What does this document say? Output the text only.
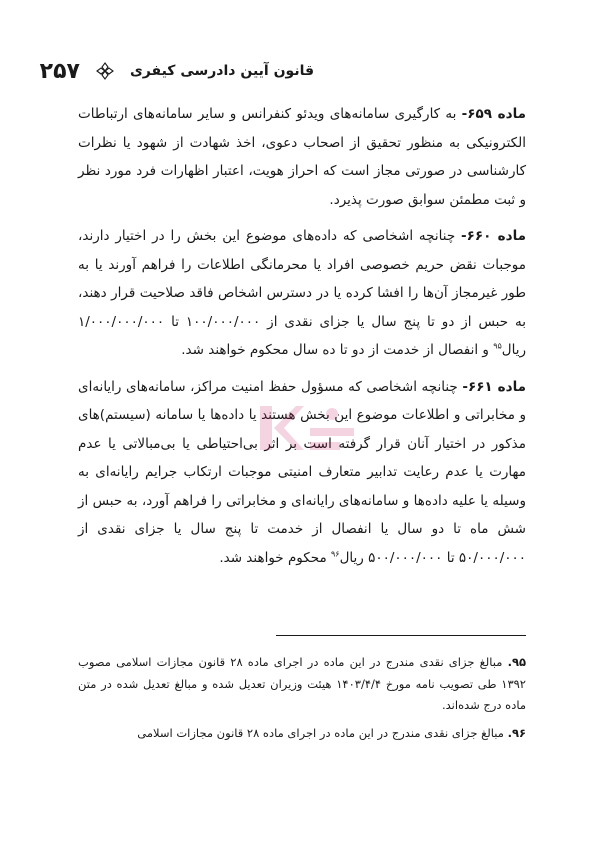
قانون آیین دادرسی کیفری
۲۵۷

ماده ۶۵۹- به کارگیری سامانه‌های ویدئو کنفرانس و سایر سامانه‌های ارتباطات الکترونیکی به منظور تحقیق از اصحاب دعوی، اخذ شهادت از شهود یا نظرات کارشناسی در صورتی مجاز است که احراز هویت، اعتبار اظهارات فرد مورد نظر و ثبت مطمئن سوابق صورت پذیرد.

ماده ۶۶۰- چنانچه اشخاصی که داده‌های موضوع این بخش را در اختیار دارند، موجبات نقض حریم خصوصی افراد یا محرمانگی اطلاعات را فراهم آورند یا به طور غیرمجاز آن‌ها را افشا کرده یا در دسترس اشخاص فاقد صلاحیت قرار دهند، به حبس از دو تا پنج سال یا جزای نقدی از ۱۰۰/۰۰۰/۰۰۰ تا ۱/۰۰۰/۰۰۰/۰۰۰ ریال$^{۹۵}$ و انفصال از خدمت از دو تا ده سال محکوم خواهند شد.

ماده ۶۶۱- چنانچه اشخاصی که مسؤول حفظ امنیت مراکز، سامانه‌های رایانه‌ای و مخابراتی و اطلاعات موضوع این بخش هستند یا داده‌ها یا سامانه (سیستم)‌های مذکور در اختیار آنان قرار گرفته است بر اثر بی‌احتیاطی یا بی‌مبالاتی یا عدم مهارت یا عدم رعایت تدابیر متعارف امنیتی موجبات ارتکاب جرایم رایانه‌ای به وسیله یا علیه داده‌ها و سامانه‌های رایانه‌ای و مخابراتی را فراهم آورد، به حبس از شش ماه تا دو سال یا انفصال از خدمت تا پنج سال یا جزای نقدی از ۵۰/۰۰۰/۰۰۰ تا ۵۰۰/۰۰۰/۰۰۰ ریال$^{۹۶}$ محکوم خواهند شد.

۹۵. مبالغ جزای نقدی مندرج در این ماده در اجرای ماده ۲۸ قانون مجازات اسلامی مصوب ۱۳۹۲ طی تصویب نامه مورخ ۱۴۰۳/۴/۴ هیئت وزیران تعدیل شده و مبالغ تعدیل شده در متن ماده درج شده‌اند.

۹۶. مبالغ جزای نقدی مندرج در این ماده در اجرای ماده ۲۸ قانون مجازات اسلامی
